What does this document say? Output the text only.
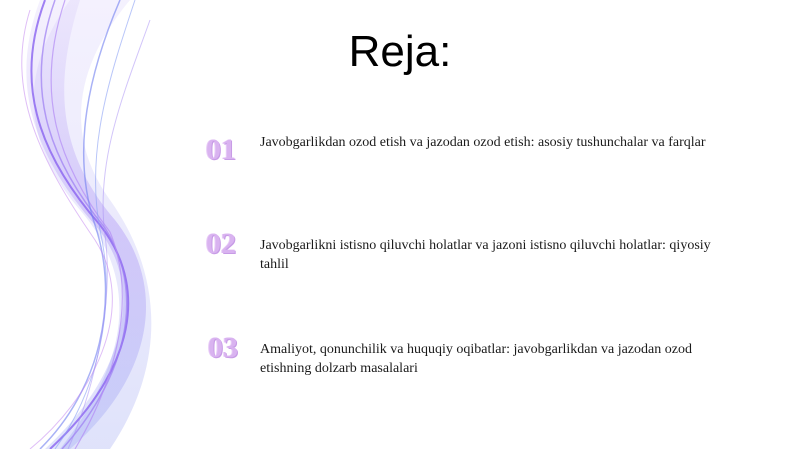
Reja:
01	Javobgarlikdan ozod etish va jazodan ozod etish: asosiy tushunchalar va farqlar
02	Javobgarlikni istisno qiluvchi holatlar va jazoni istisno qiluvchi holatlar: qiyosiy tahlil
03	Amaliyot, qonunchilik va huquqiy oqibatlar: javobgarlikdan va jazodan ozod etishning dolzarb masalalari
